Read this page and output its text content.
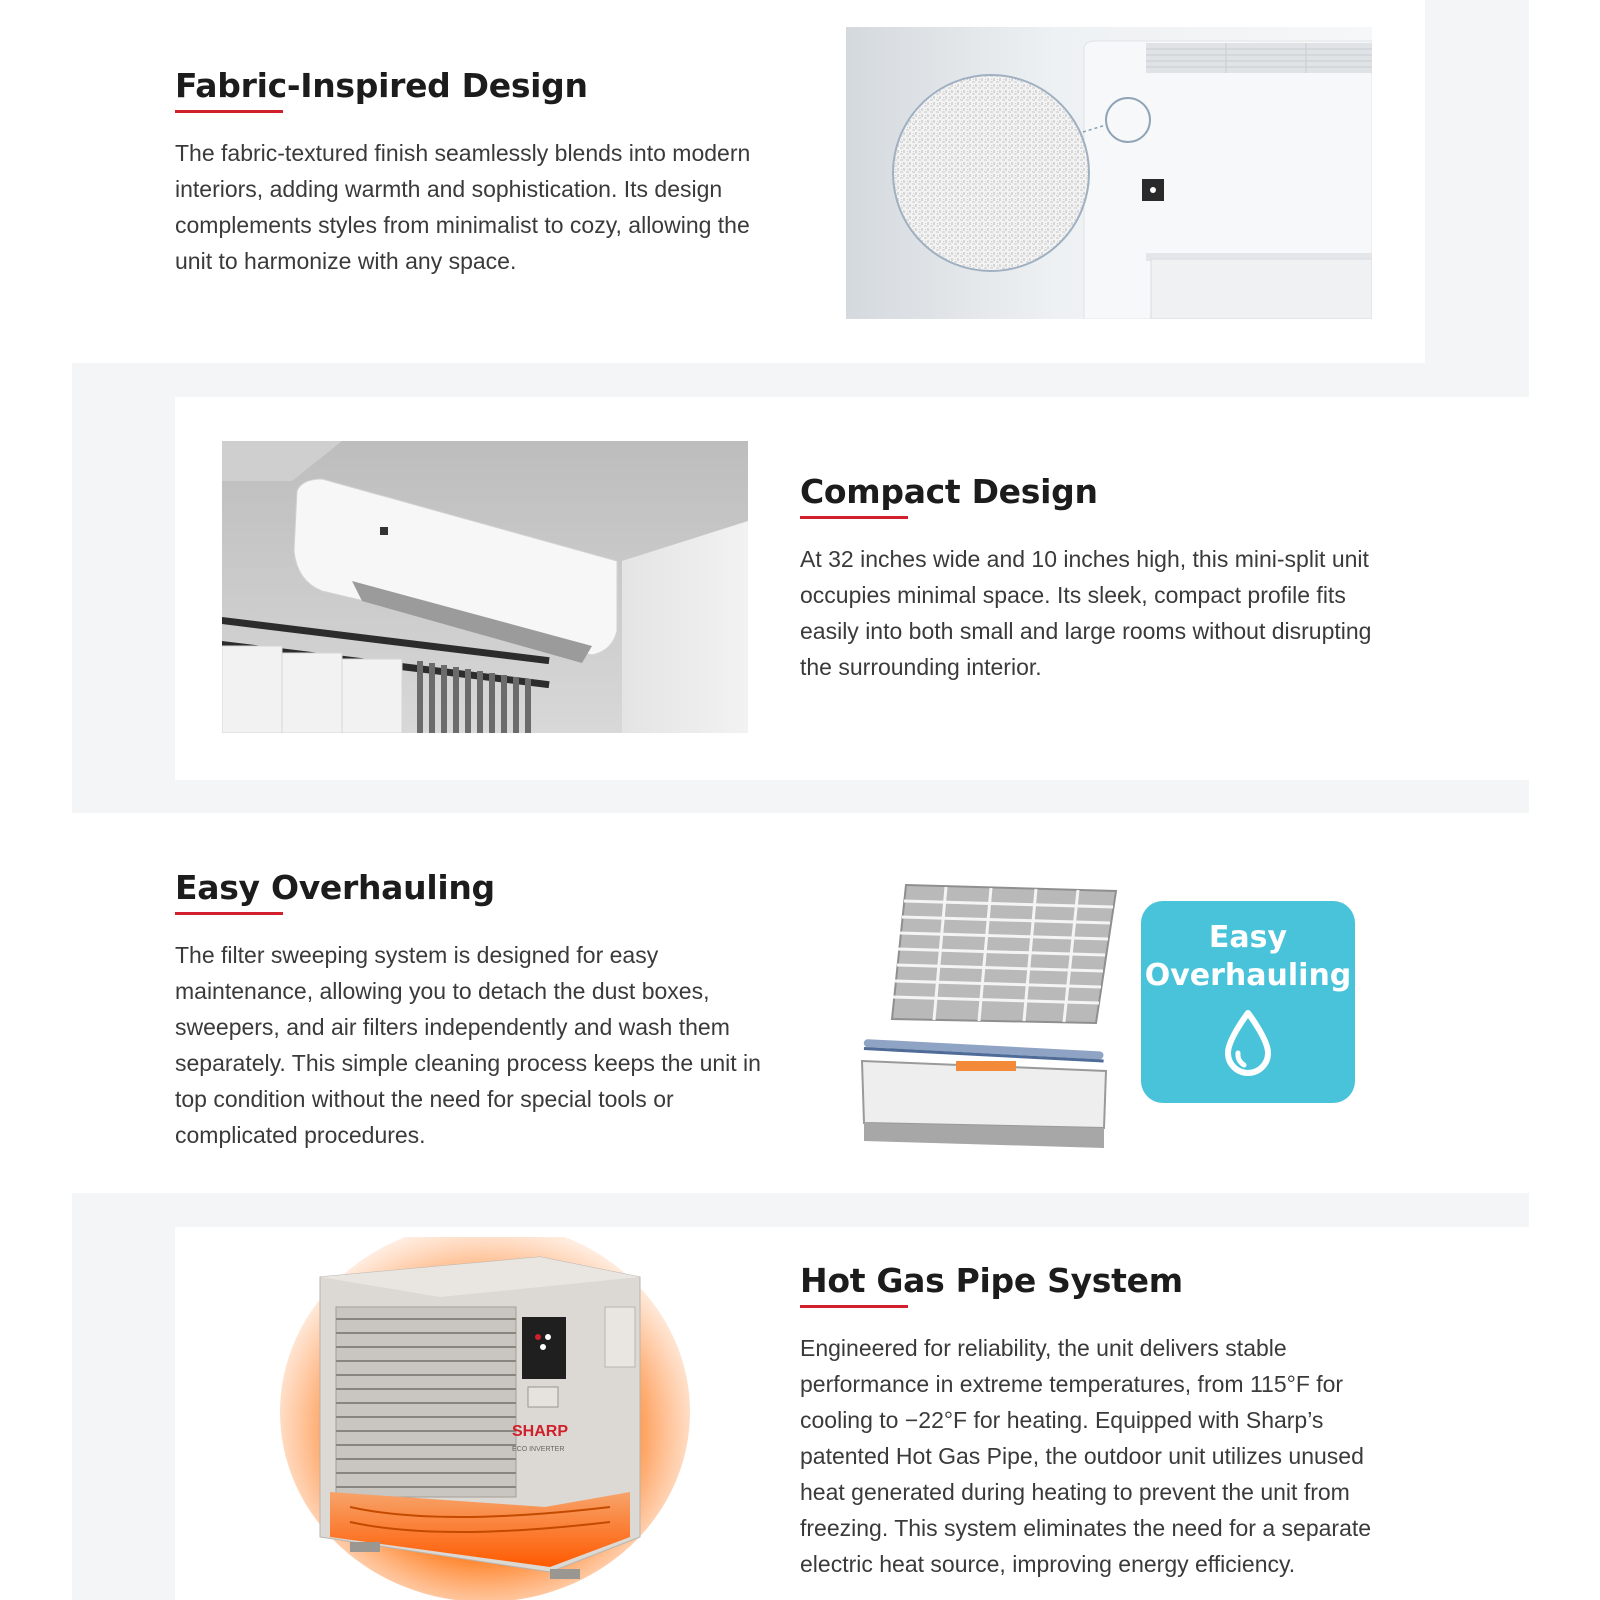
Fabric-Inspired Design
The fabric-textured finish seamlessly blends into modern
interiors, adding warmth and sophistication. Its design
complements styles from minimalist to cozy, allowing the
unit to harmonize with any space.
Compact Design
At 32 inches wide and 10 inches high, this mini-split unit
occupies minimal space. Its sleek, compact profile fits
easily into both small and large rooms without disrupting
the surrounding interior.
Easy Overhauling
The filter sweeping system is designed for easy
maintenance, allowing you to detach the dust boxes,
sweepers, and air filters independently and wash them
separately. This simple cleaning process keeps the unit in
top condition without the need for special tools or
complicated procedures.
Easy
Overhauling
SHARP
ECO INVERTER
Hot Gas Pipe System
Engineered for reliability, the unit delivers stable
performance in extreme temperatures, from 115°F for
cooling to −22°F for heating. Equipped with Sharp’s
patented Hot Gas Pipe, the outdoor unit utilizes unused
heat generated during heating to prevent the unit from
freezing. This system eliminates the need for a separate
electric heat source, improving energy efficiency.
